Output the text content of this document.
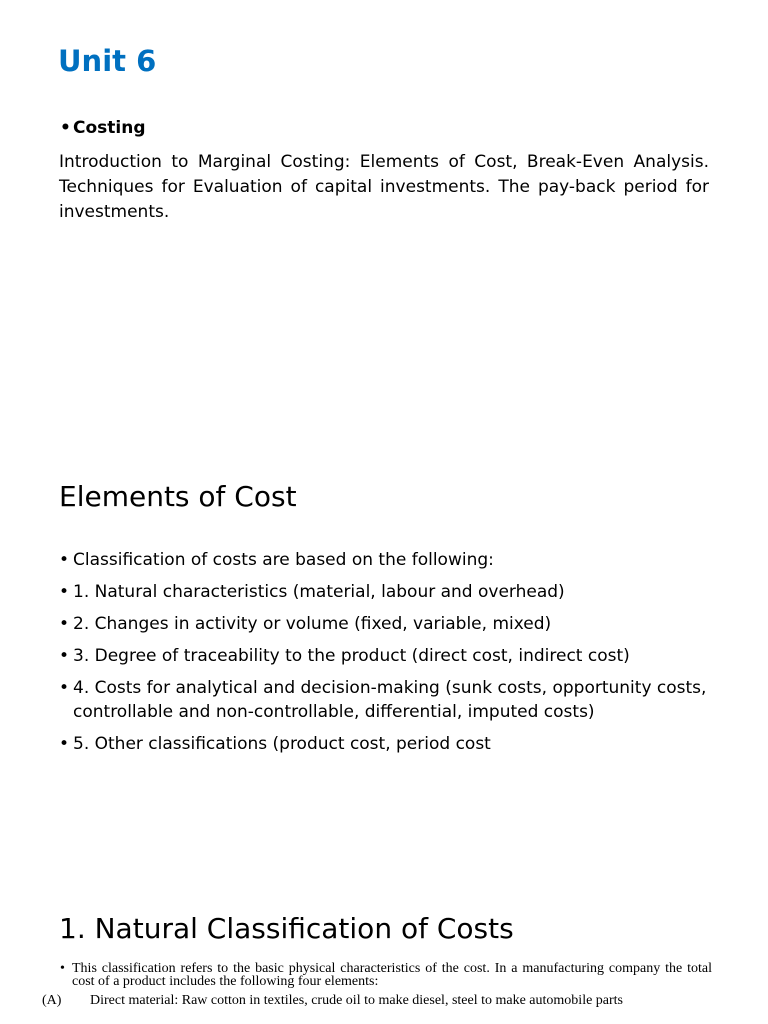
Unit 6
• Costing

Introduction to Marginal Costing: Elements of Cost, Break-Even Analysis. Techniques for Evaluation of capital investments. The pay-back period for investments.

Elements of Cost
• Classification of costs are based on the following:
• 1. Natural characteristics (material, labour and overhead)
• 2. Changes in activity or volume (fixed, variable, mixed)
• 3. Degree of traceability to the product (direct cost, indirect cost)
• 4. Costs for analytical and decision-making (sunk costs, opportunity costs, controllable and non-controllable, differential, imputed costs)
• 5. Other classifications (product cost, period cost
1. Natural Classification of Costs
• This classification refers to the basic physical characteristics of the cost. In a manufacturing company the total cost of a product includes the following four elements:
(A)	Direct material: Raw cotton in textiles, crude oil to make diesel, steel to make automobile parts
